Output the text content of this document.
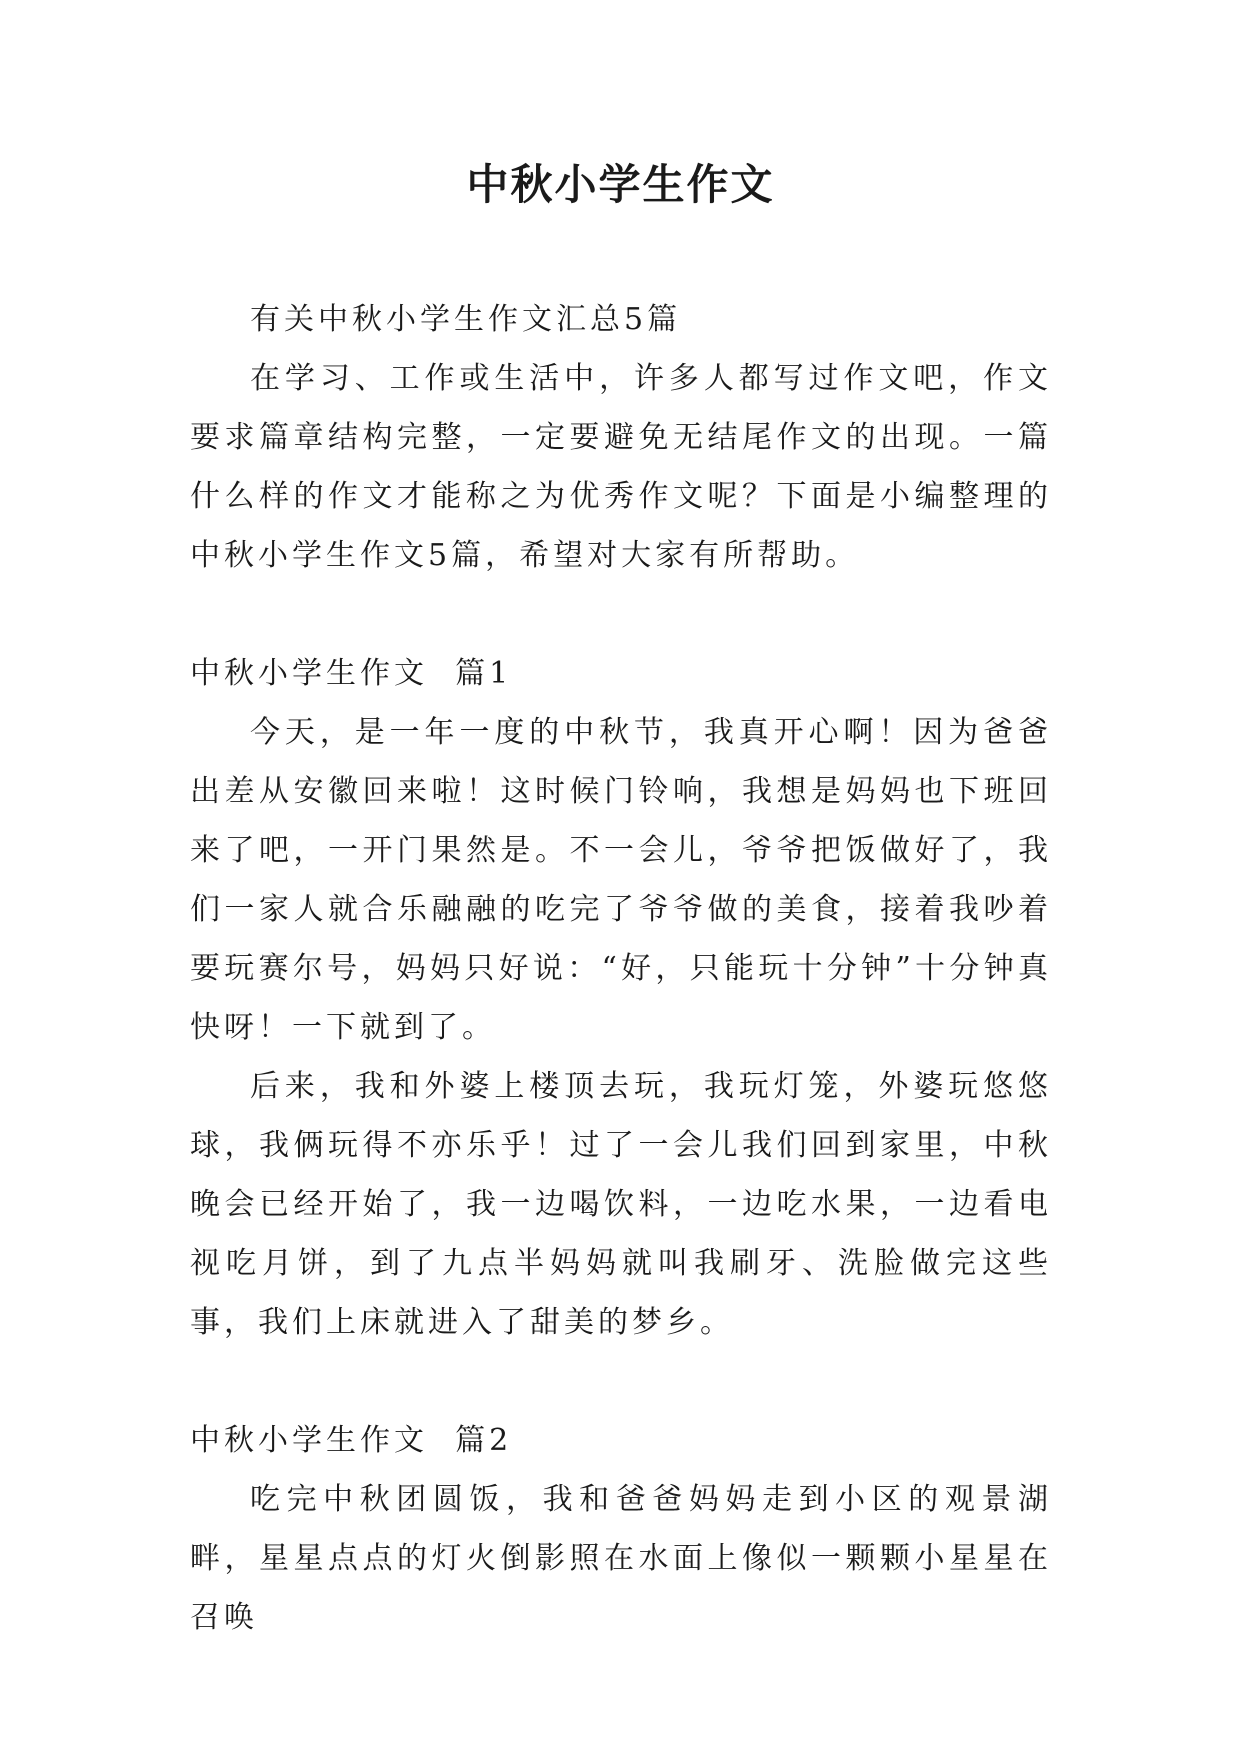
中秋小学生作文

有关中秋小学生作文汇总5篇

在学习、工作或生活中，许多人都写过作文吧，作文要求篇章结构完整，一定要避免无结尾作文的出现。一篇什么样的作文才能称之为优秀作文呢？下面是小编整理的中秋小学生作文5篇，希望对大家有所帮助。

中秋小学生作文  篇1

今天，是一年一度的中秋节，我真开心啊！因为爸爸出差从安徽回来啦！这时候门铃响，我想是妈妈也下班回来了吧，一开门果然是。不一会儿，爷爷把饭做好了，我们一家人就合乐融融的吃完了爷爷做的美食，接着我吵着要玩赛尔号，妈妈只好说：“好，只能玩十分钟”十分钟真快呀！一下就到了。

后来，我和外婆上楼顶去玩，我玩灯笼，外婆玩悠悠球，我俩玩得不亦乐乎！过了一会儿我们回到家里，中秋晚会已经开始了，我一边喝饮料，一边吃水果，一边看电视吃月饼，到了九点半妈妈就叫我刷牙、洗脸做完这些事，我们上床就进入了甜美的梦乡。

中秋小学生作文  篇2

吃完中秋团圆饭，我和爸爸妈妈走到小区的观景湖畔，星星点点的灯火倒影照在水面上像似一颗颗小星星在召唤
